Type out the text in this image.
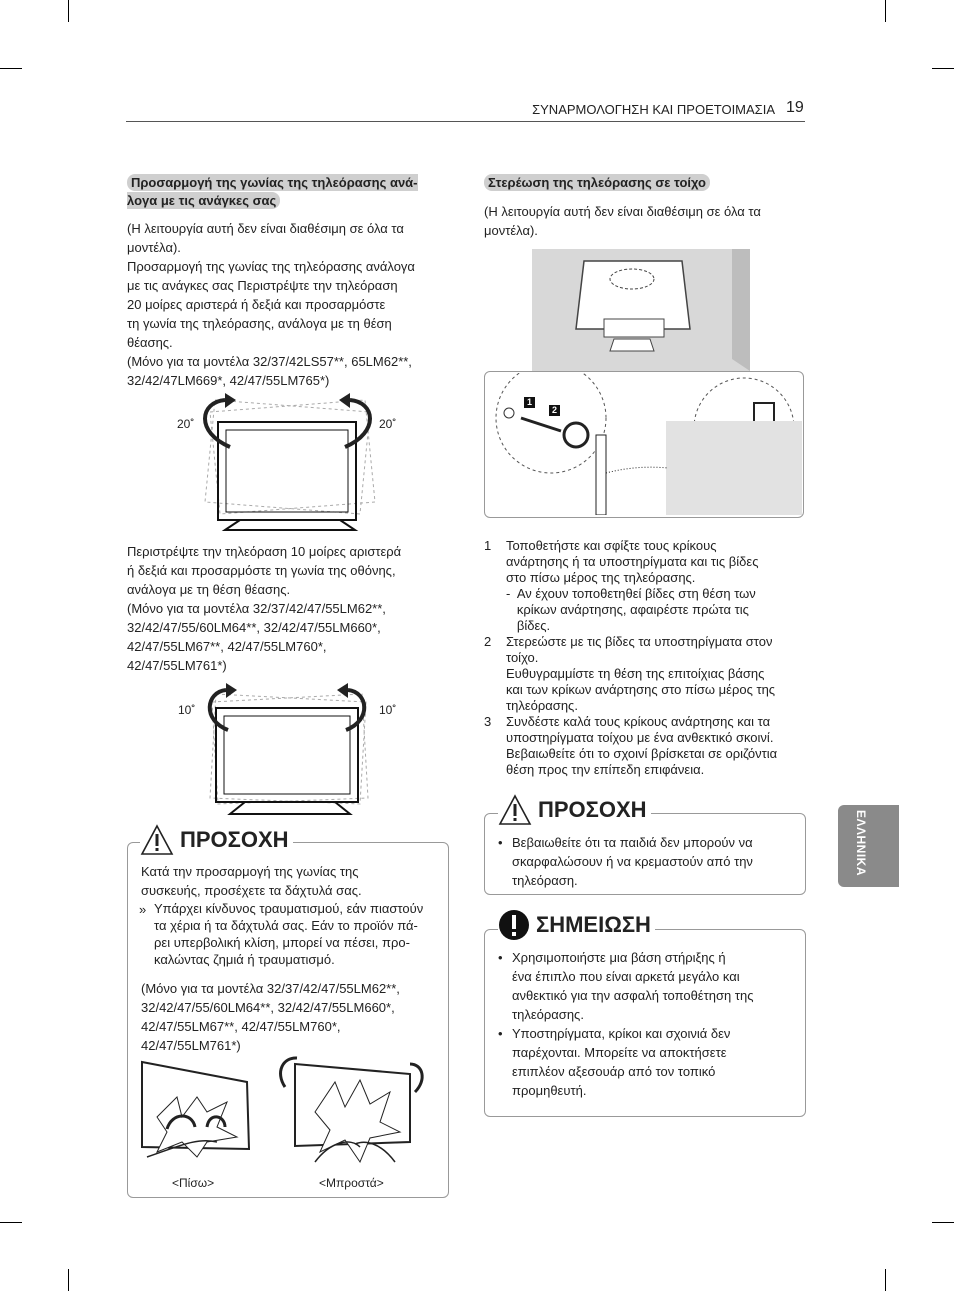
ΣΥΝΑΡΜΟΛΟΓΗΣΗ ΚΑΙ ΠΡΟΕΤΟΙΜΑΣΙΑ 19
ΕΛΛΗΝΙΚΑ
Προσαρμογή της γωνίας της τηλεόρασης ανά- λογα με τις ανάγκες σας
(Η λειτουργία αυτή δεν είναι διαθέσιμη σε όλα τα
μοντέλα).
Προσαρμογή της γωνίας της τηλεόρασης ανάλογα
με τις ανάγκες σας Περιστρέψτε την τηλεόραση
20 μοίρες αριστερά ή δεξιά και προσαρμόστε
τη γωνία της τηλεόρασης, ανάλογα με τη θέση
θέασης.
(Μόνο για τα μοντέλα 32/37/42LS57**, 65LM62**,
32/42/47LM669*, 42/47/55LM765*)
20˚	20˚
Περιστρέψτε την τηλεόραση 10 μοίρες αριστερά
ή δεξιά και προσαρμόστε τη γωνία της οθόνης,
ανάλογα με τη θέση θέασης.
(Μόνο για τα μοντέλα 32/37/42/47/55LM62**,
32/42/47/55/60LM64**, 32/42/47/55LM660*,
42/47/55LM67**, 42/47/55LM760*,
42/47/55LM761*)
10˚	10˚
ΠΡΟΣΟΧΗ
Κατά την προσαρμογή της γωνίας της
συσκευής, προσέχετε τα δάχτυλά σας.
» Υπάρχει κίνδυνος τραυματισμού, εάν πιαστούν
τα χέρια ή τα δάχτυλά σας. Εάν το προϊόν πά-
ρει υπερβολική κλίση, μπορεί να πέσει, προ-
καλώντας ζημιά ή τραυματισμό.
(Μόνο για τα μοντέλα 32/37/42/47/55LM62**,
32/42/47/55/60LM64**, 32/42/47/55LM660*,
42/47/55LM67**, 42/47/55LM760*,
42/47/55LM761*)
<Πίσω>	<Μπροστά>
Στερέωση της τηλεόρασης σε τοίχο
(Η λειτουργία αυτή δεν είναι διαθέσιμη σε όλα τα
μοντέλα).
1
2
1 Τοποθετήστε και σφίξτε τους κρίκους
ανάρτησης ή τα υποστηρίγματα και τις βίδες
στο πίσω μέρος της τηλεόρασης.
-  Αν έχουν τοποθετηθεί βίδες στη θέση των
κρίκων ανάρτησης, αφαιρέστε πρώτα τις
βίδες.
2 Στερεώστε με τις βίδες τα υποστηρίγματα στον
τοίχο.
Ευθυγραμμίστε τη θέση της επιτοίχιας βάσης
και των κρίκων ανάρτησης στο πίσω μέρος της
τηλεόρασης.
3 Συνδέστε καλά τους κρίκους ανάρτησης και τα
υποστηρίγματα τοίχου με ένα ανθεκτικό σκοινί.
Βεβαιωθείτε ότι το σχοινί βρίσκεται σε οριζόντια
θέση προς την επίπεδη επιφάνεια.
ΠΡΟΣΟΧΗ
• Βεβαιωθείτε ότι τα παιδιά δεν μπορούν να
σκαρφαλώσουν ή να κρεμαστούν από την
τηλεόραση.
ΣΗΜΕΙΩΣΗ
• Χρησιμοποιήστε μια βάση στήριξης ή
ένα έπιπλο που είναι αρκετά μεγάλο και
ανθεκτικό για την ασφαλή τοποθέτηση της
τηλεόρασης.
• Υποστηρίγματα, κρίκοι και σχοινιά δεν
παρέχονται. Μπορείτε να αποκτήσετε
επιπλέον αξεσουάρ από τον τοπικό
προμηθευτή.
